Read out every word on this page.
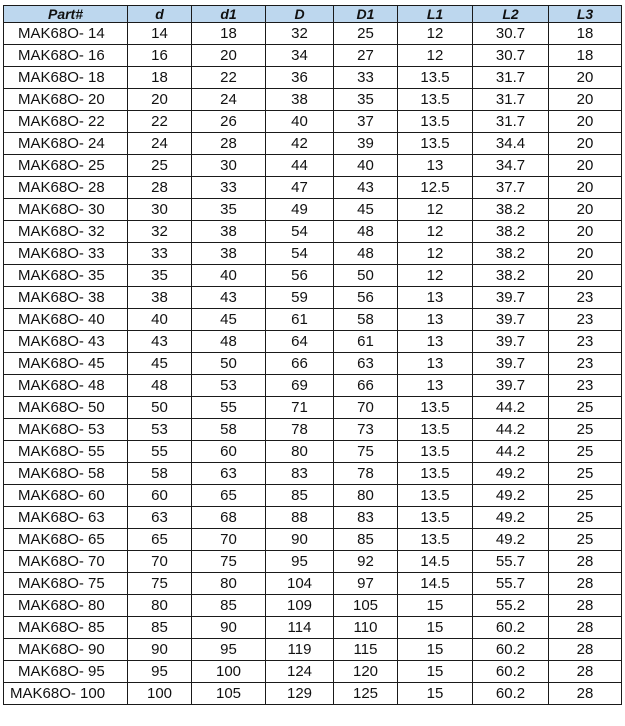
Part#	d	d1	D	D1	L1	L2	L3
MAK68O- 14	14	18	32	25	12	30.7	18
MAK68O- 16	16	20	34	27	12	30.7	18
MAK68O- 18	18	22	36	33	13.5	31.7	20
MAK68O- 20	20	24	38	35	13.5	31.7	20
MAK68O- 22	22	26	40	37	13.5	31.7	20
MAK68O- 24	24	28	42	39	13.5	34.4	20
MAK68O- 25	25	30	44	40	13	34.7	20
MAK68O- 28	28	33	47	43	12.5	37.7	20
MAK68O- 30	30	35	49	45	12	38.2	20
MAK68O- 32	32	38	54	48	12	38.2	20
MAK68O- 33	33	38	54	48	12	38.2	20
MAK68O- 35	35	40	56	50	12	38.2	20
MAK68O- 38	38	43	59	56	13	39.7	23
MAK68O- 40	40	45	61	58	13	39.7	23
MAK68O- 43	43	48	64	61	13	39.7	23
MAK68O- 45	45	50	66	63	13	39.7	23
MAK68O- 48	48	53	69	66	13	39.7	23
MAK68O- 50	50	55	71	70	13.5	44.2	25
MAK68O- 53	53	58	78	73	13.5	44.2	25
MAK68O- 55	55	60	80	75	13.5	44.2	25
MAK68O- 58	58	63	83	78	13.5	49.2	25
MAK68O- 60	60	65	85	80	13.5	49.2	25
MAK68O- 63	63	68	88	83	13.5	49.2	25
MAK68O- 65	65	70	90	85	13.5	49.2	25
MAK68O- 70	70	75	95	92	14.5	55.7	28
MAK68O- 75	75	80	104	97	14.5	55.7	28
MAK68O- 80	80	85	109	105	15	55.2	28
MAK68O- 85	85	90	114	110	15	60.2	28
MAK68O- 90	90	95	119	115	15	60.2	28
MAK68O- 95	95	100	124	120	15	60.2	28
MAK68O- 100	100	105	129	125	15	60.2	28
